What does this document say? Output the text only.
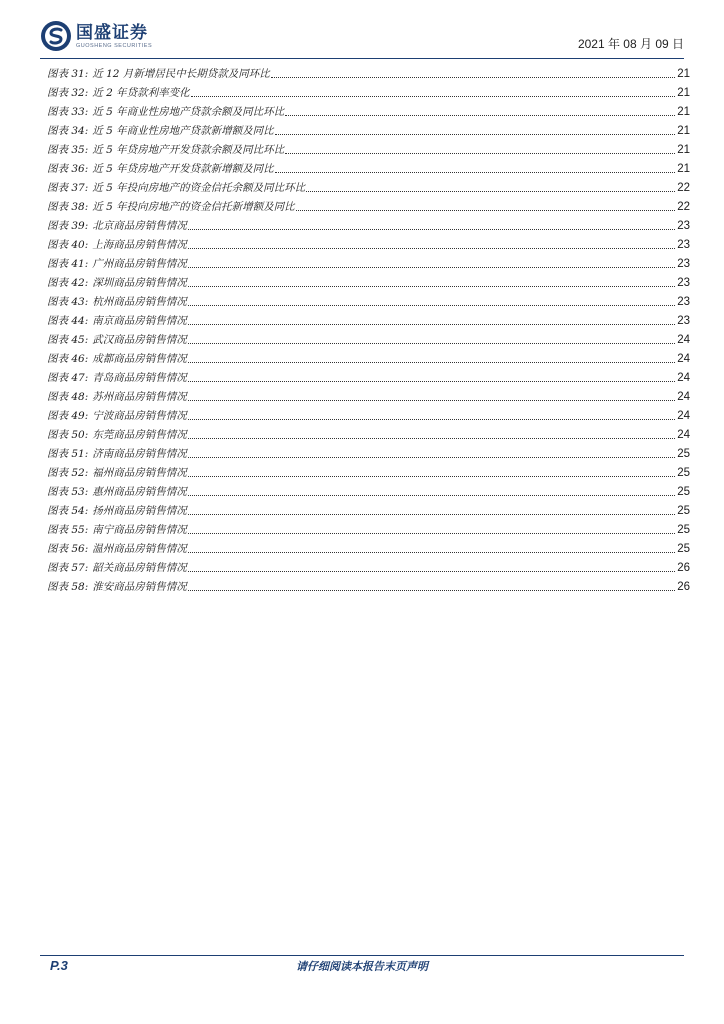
国盛证券
GUOSHENG SECURITIES	2021 年 08 月 09 日
图表 31: 近 12 月新增居民中长期贷款及同环比	21
图表 32: 近 2 年贷款利率变化	21
图表 33: 近 5 年商业性房地产贷款余额及同比环比	21
图表 34: 近 5 年商业性房地产贷款新增额及同比	21
图表 35: 近 5 年贷房地产开发贷款余额及同比环比	21
图表 36: 近 5 年贷房地产开发贷款新增额及同比	21
图表 37: 近 5 年投向房地产的资金信托余额及同比环比	22
图表 38: 近 5 年投向房地产的资金信托新增额及同比	22
图表 39: 北京商品房销售情况	23
图表 40: 上海商品房销售情况	23
图表 41: 广州商品房销售情况	23
图表 42: 深圳商品房销售情况	23
图表 43: 杭州商品房销售情况	23
图表 44: 南京商品房销售情况	23
图表 45: 武汉商品房销售情况	24
图表 46: 成都商品房销售情况	24
图表 47: 青岛商品房销售情况	24
图表 48: 苏州商品房销售情况	24
图表 49: 宁波商品房销售情况	24
图表 50: 东莞商品房销售情况	24
图表 51: 济南商品房销售情况	25
图表 52: 福州商品房销售情况	25
图表 53: 惠州商品房销售情况	25
图表 54: 扬州商品房销售情况	25
图表 55: 南宁商品房销售情况	25
图表 56: 温州商品房销售情况	25
图表 57: 韶关商品房销售情况	26
图表 58: 淮安商品房销售情况	26
P.3	请仔细阅读本报告末页声明
